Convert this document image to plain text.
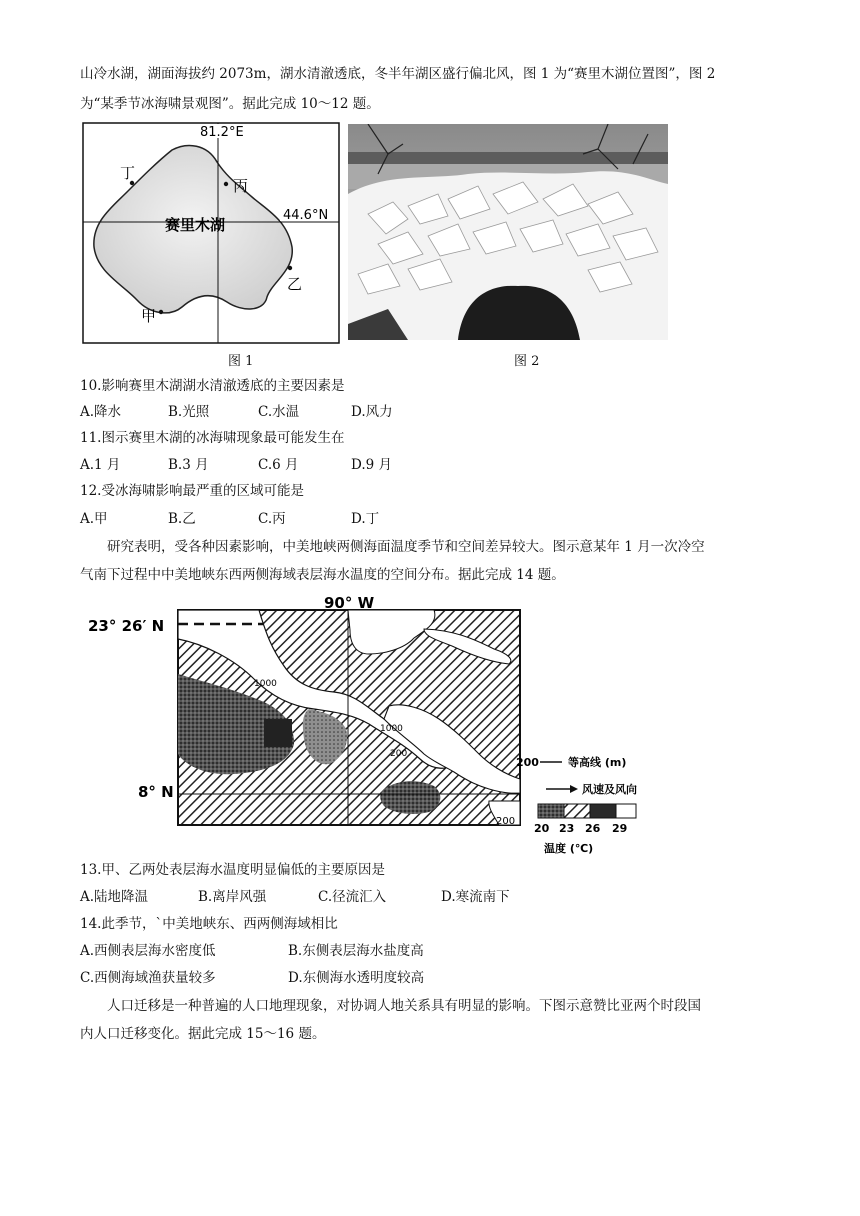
山冷水湖，湖面海拔约 2073m，湖水清澈透底，冬半年湖区盛行偏北风，图 1 为“赛里木湖位置图”，图 2
为“某季节冰海啸景观图”。据此完成 10～12 题。
81.2°E
44.6°N
赛里木湖
丁
丙
乙
甲
图 1	图 2
10.影响赛里木湖湖水清澈透底的主要因素是
A.降水	B.光照	C.水温	D.风力
11.图示赛里木湖的冰海啸现象最可能发生在
A.1 月	B.3 月	C.6 月	D.9 月
12.受冰海啸影响最严重的区域可能是
A.甲	B.乙	C.丙	D.丁
研究表明，受各种因素影响，中美地峡两侧海面温度季节和空间差异较大。图示意某年 1 月一次冷空
气南下过程中中美地峡东西两侧海域表层海水温度的空间分布。据此完成 14 题。
90° W
23° 26′ N
8° N
1000
1000
200
200
200	等高线 (m)
风速及风向
20 23 26 29
温度 (℃)
13.甲、乙两处表层海水温度明显偏低的主要原因是
A.陆地降温	B.离岸风强	C.径流汇入	D.寒流南下
14.此季节，`中美地峡东、西两侧海域相比
A.西侧表层海水密度低	B.东侧表层海水盐度高
C.西侧海域渔获量较多	D.东侧海水透明度较高
人口迁移是一种普遍的人口地理现象，对协调人地关系具有明显的影响。下图示意赞比亚两个时段国
内人口迁移变化。据此完成 15～16 题。
